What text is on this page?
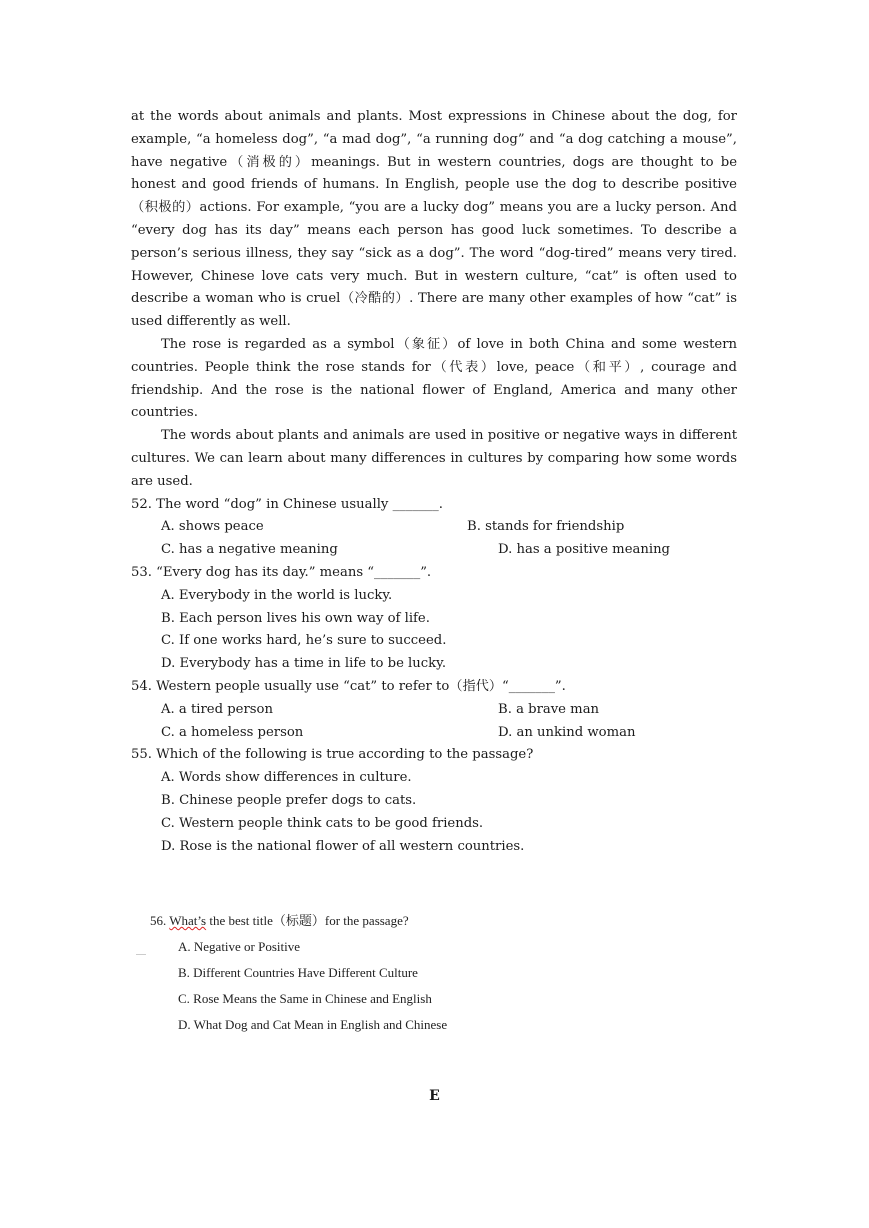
at the words about animals and plants. Most expressions in Chinese about the dog, for example, “a homeless dog”, “a mad dog”, “a running dog” and “a dog catching a mouse”, have negative（消极的）meanings. But in western countries, dogs are thought to be honest and good friends of humans. In English, people use the dog to describe positive（积极的）actions. For example, “you are a lucky dog” means you are a lucky person. And “every dog has its day” means each person has good luck sometimes. To describe a person’s serious illness, they say “sick as a dog”. The word “dog-tired” means very tired. However, Chinese love cats very much. But in western culture, “cat” is often used to describe a woman who is cruel（冷酷的）. There are many other examples of how “cat” is used differently as well.

The rose is regarded as a symbol（象征）of love in both China and some western countries. People think the rose stands for（代表）love, peace（和平）, courage and friendship. And the rose is the national flower of England, America and many other countries.

The words about plants and animals are used in positive or negative ways in different cultures. We can learn about many differences in cultures by comparing how some words are used.

52. The word “dog” in Chinese usually _______.

A. shows peace	B. stands for friendship
C. has a negative meaning	D. has a positive meaning

53. “Every dog has its day.” means “_______”.

A. Everybody in the world is lucky.
B. Each person lives his own way of life.
C. If one works hard, he’s sure to succeed.
D. Everybody has a time in life to be lucky.

54. Western people usually use “cat” to refer to（指代）“_______”.

A. a tired person	B. a brave man
C. a homeless person	D. an unkind woman

55. Which of the following is true according to the passage?

A. Words show differences in culture.
B. Chinese people prefer dogs to cats.
C. Western people think cats to be good friends.
D. Rose is the national flower of all western countries.
56. What’s the best title（标题）for the passage?
A. Negative or Positive
B. Different Countries Have Different Culture
C. Rose Means the Same in Chinese and English
D. What Dog and Cat Mean in English and Chinese
E
